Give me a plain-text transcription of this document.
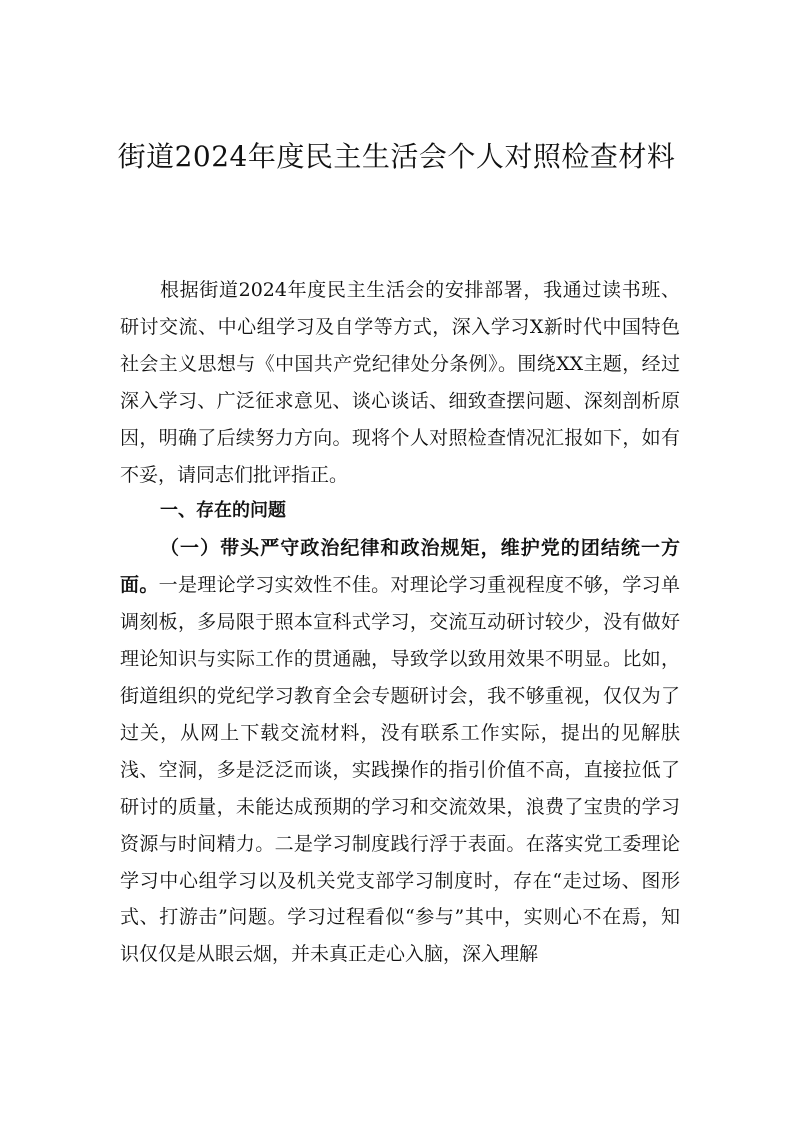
街道2024年度民主生活会个人对照检查材料

根据街道2024年度民主生活会的安排部署，我通过读书班、研讨交流、中心组学习及自学等方式，深入学习X新时代中国特色社会主义思想与《中国共产党纪律处分条例》。围绕XX主题，经过深入学习、广泛征求意见、谈心谈话、细致查摆问题、深刻剖析原因，明确了后续努力方向。现将个人对照检查情况汇报如下，如有不妥，请同志们批评指正。

一、存在的问题

（一）带头严守政治纪律和政治规矩，维护党的团结统一方面。一是理论学习实效性不佳。对理论学习重视程度不够，学习单调刻板，多局限于照本宣科式学习，交流互动研讨较少，没有做好理论知识与实际工作的贯通融，导致学以致用效果不明显。比如，街道组织的党纪学习教育全会专题研讨会，我不够重视，仅仅为了过关，从网上下载交流材料，没有联系工作实际，提出的见解肤浅、空洞，多是泛泛而谈，实践操作的指引价值不高，直接拉低了研讨的质量，未能达成预期的学习和交流效果，浪费了宝贵的学习资源与时间精力。二是学习制度践行浮于表面。在落实党工委理论学习中心组学习以及机关党支部学习制度时，存在“走过场、图形式、打游击”问题。学习过程看似“参与”其中，实则心不在焉，知识仅仅是从眼云烟，并未真正走心入脑，深入理解
